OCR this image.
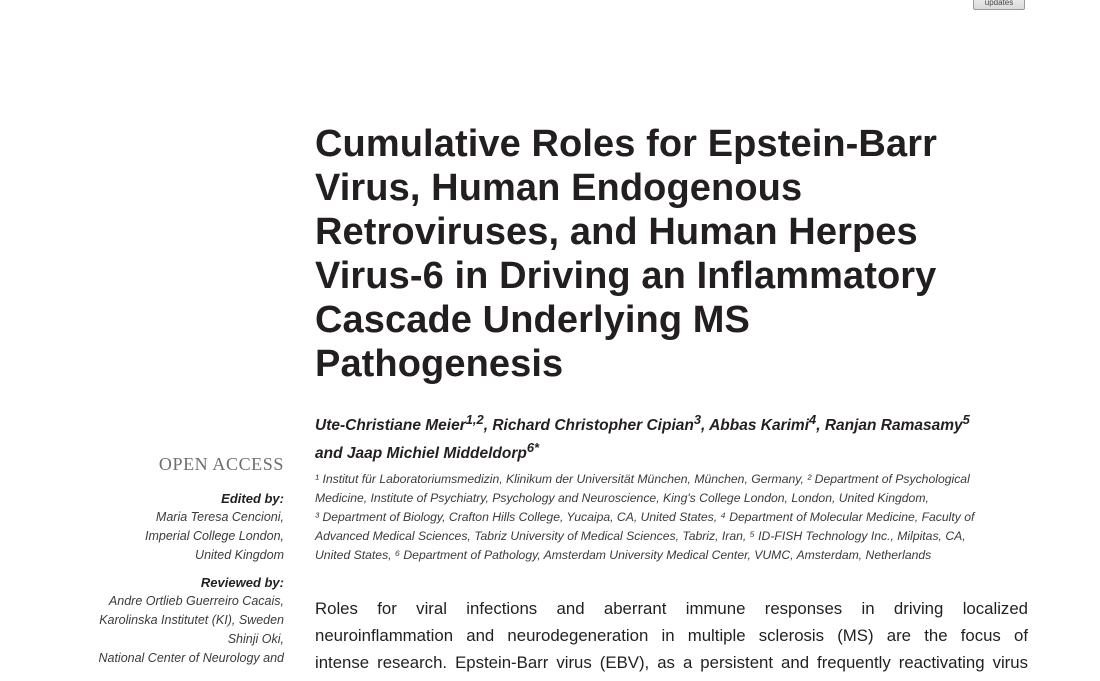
updates
Cumulative Roles for Epstein-Barr
Virus, Human Endogenous
Retroviruses, and Human Herpes
Virus-6 in Driving an Inflammatory
Cascade Underlying MS
Pathogenesis
Ute-Christiane Meier$^{1,2}$, Richard Christopher Cipian$^3$, Abbas Karimi$^4$, Ranjan Ramasamy$^5$
and Jaap Michiel Middeldorp$^{6*}$
¹ Institut für Laboratoriumsmedizin, Klinikum der Universität München, München, Germany, ² Department of Psychological
Medicine, Institute of Psychiatry, Psychology and Neuroscience, King's College London, London, United Kingdom,
³ Department of Biology, Crafton Hills College, Yucaipa, CA, United States, ⁴ Department of Molecular Medicine, Faculty of
Advanced Medical Sciences, Tabriz University of Medical Sciences, Tabriz, Iran, ⁵ ID-FISH Technology Inc., Milpitas, CA,
United States, ⁶ Department of Pathology, Amsterdam University Medical Center, VUMC, Amsterdam, Netherlands
Roles for viral infections and aberrant immune responses in driving localized
neuroinflammation and neurodegeneration in multiple sclerosis (MS) are the focus of
intense research. Epstein-Barr virus (EBV), as a persistent and frequently reactivating virus
OPEN ACCESS
Edited by:
Maria Teresa Cencioni,
Imperial College London,
United Kingdom
Reviewed by:
Andre Ortlieb Guerreiro Cacais,
Karolinska Institutet (KI), Sweden
Shinji Oki,
National Center of Neurology and
